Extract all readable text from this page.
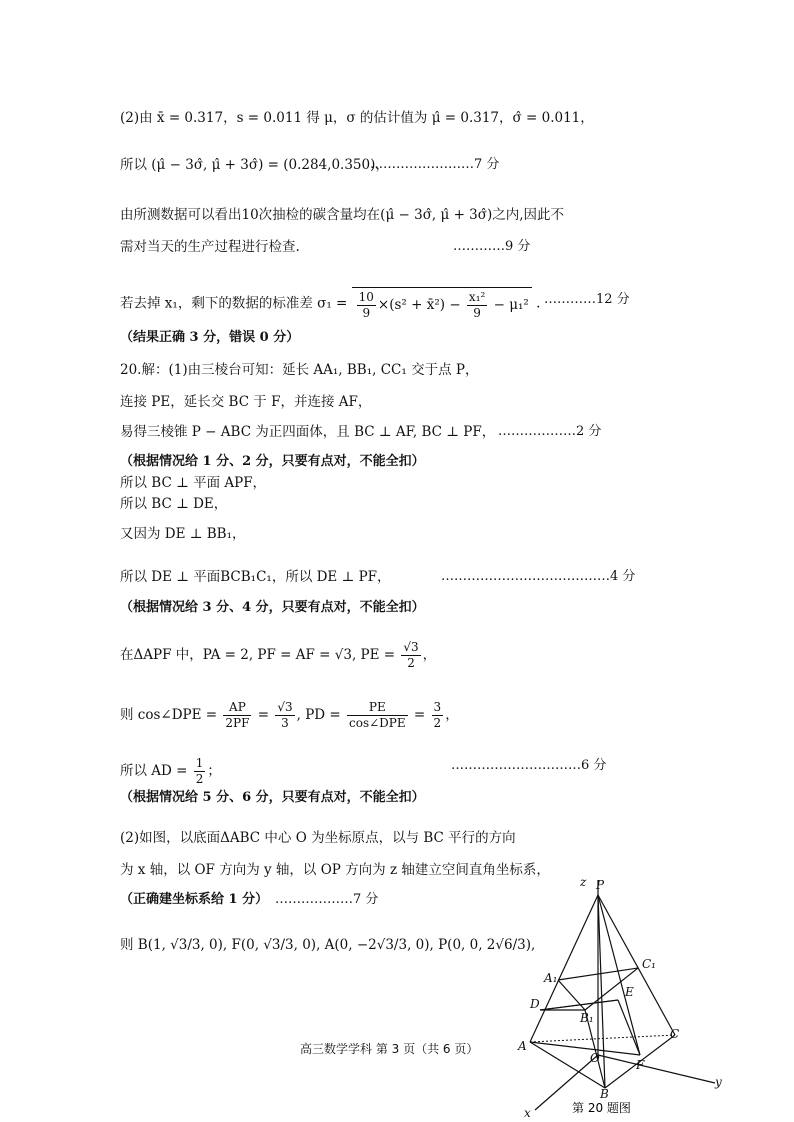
(2)由 x̄ = 0.317，s = 0.011 得 μ，σ 的估计值为 μ̂ = 0.317，σ̂ = 0.011，
所以 (μ̂ − 3σ̂, μ̂ + 3σ̂) = (0.284,0.350)，
……………………7 分
由所测数据可以看出10次抽检的碳含量均在(μ̂ − 3σ̂, μ̂ + 3σ̂)之内,因此不
需对当天的生产过程进行检查.	…………9 分
若去掉 x₁，剩下的数据的标准差 $\sigma_1 = \frac{10}{9} \times(s^2$ + x̄²) − $\frac{\text{x₁²}}{9} - \mu_1^2$ . …………12 分
（结果正确 3 分，错误 0 分）
20.解：(1)由三棱台可知：延长 AA₁, BB₁, CC₁ 交于点 P，
连接 PE，延长交 BC 于 F，并连接 AF，
易得三棱锥 P − ABC 为正四面体，且 BC ⊥ AF, BC ⊥ PF， ………………2 分
（根据情况给 1 分、2 分，只要有点对，不能全扣）
所以 BC ⊥ 平面 APF，
所以 BC ⊥ DE，
又因为 DE ⊥ BB₁，
所以 DE ⊥ 平面BCB₁C₁，所以 DE ⊥ PF，	…………………………………4 分
（根据情况给 3 分、4 分，只要有点对，不能全扣）
在ΔAPF 中，PA = 2, PF = AF = √3, PE = $\frac{√3}{2}$ ，
则 cos∠DPE = $\frac{AP}{2PF} = \frac{√3}{3}$ , PD = $\frac{PE}{\text{cos∠DPE}} = \frac{3}{2}$ ，
所以 AD = $\frac{1}{2}$ ；	…………………………6 分
（根据情况给 5 分、6 分，只要有点对，不能全扣）
(2)如图，以底面ΔABC 中心 O 为坐标原点，以与 BC 平行的方向
为 x 轴，以 OF 方向为 y 轴，以 OP 方向为 z 轴建立空间直角坐标系，
（正确建坐标系给 1 分） ………………7 分
则 B(1, √3/3, 0), F(0, √3/3, 0), A(0, −2√3/3, 0), P(0, 0, 2√6/3),
高三数学学科 第 3 页（共 6 页）
z P
A₁
C₁
D
E
B₁
C
A
O	F
B
x
y
第 20 题图
